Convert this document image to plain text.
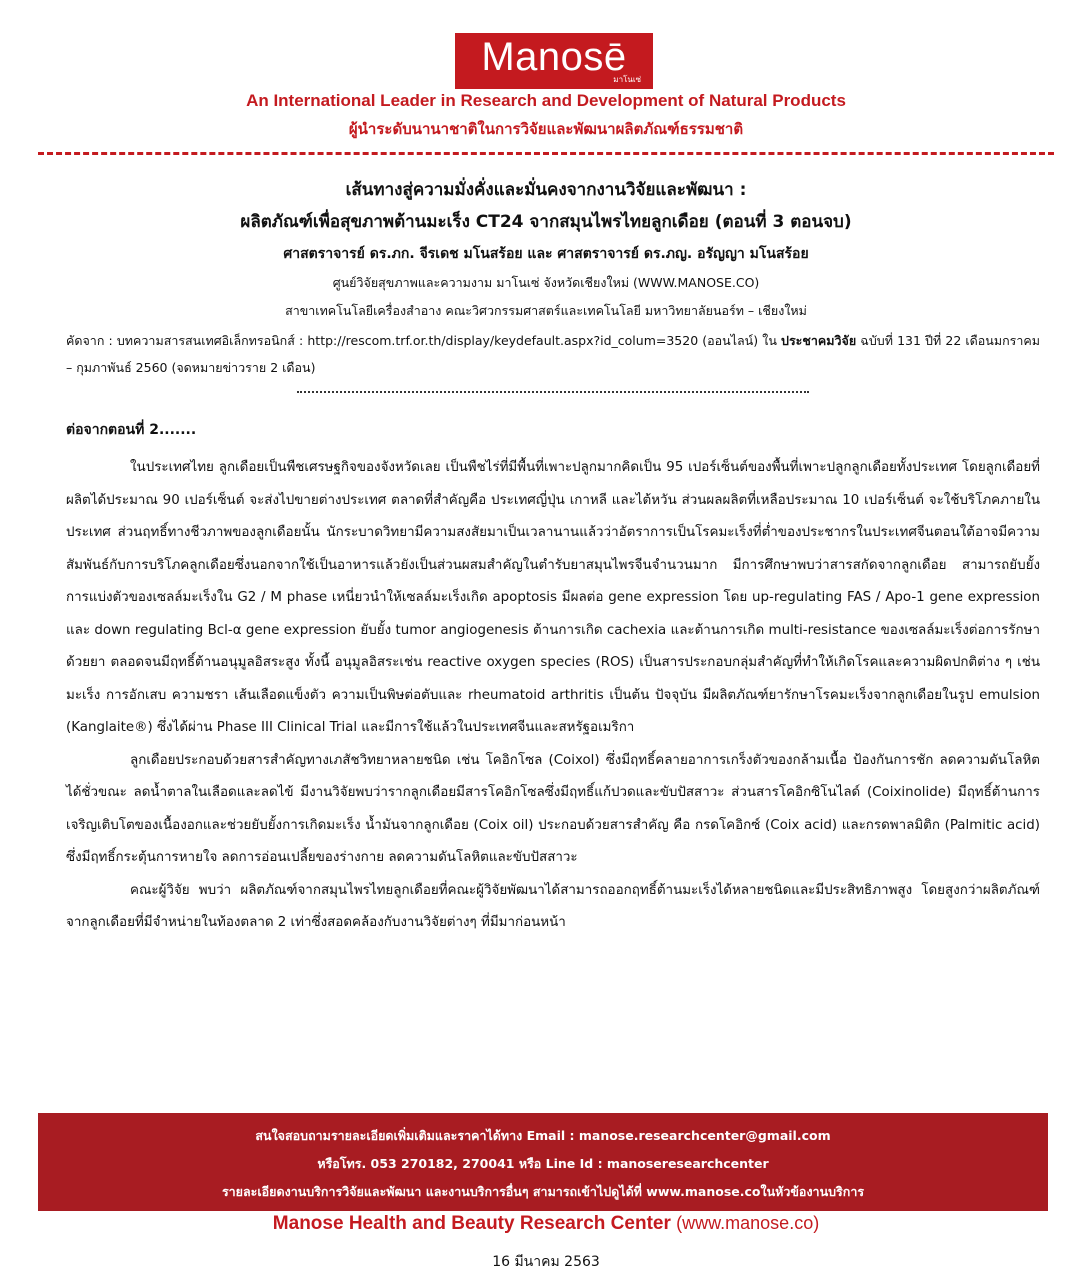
Manosē
มาโนเซ่
An International Leader in Research and Development of Natural Products
ผู้นำระดับนานาชาติในการวิจัยและพัฒนาผลิตภัณฑ์ธรรมชาติ
เส้นทางสู่ความมั่งคั่งและมั่นคงจากงานวิจัยและพัฒนา :
ผลิตภัณฑ์เพื่อสุขภาพต้านมะเร็ง CT24 จากสมุนไพรไทยลูกเดือย (ตอนที่ 3 ตอนจบ)
ศาสตราจารย์ ดร.ภก. จีรเดช มโนสร้อย และ ศาสตราจารย์ ดร.ภญ. อรัญญา มโนสร้อย
ศูนย์วิจัยสุขภาพและความงาม มาโนเซ่ จังหวัดเชียงใหม่ (WWW.MANOSE.CO)
สาขาเทคโนโลยีเครื่องสำอาง คณะวิศวกรรมศาสตร์และเทคโนโลยี มหาวิทยาลัยนอร์ท – เชียงใหม่
คัดจาก : บทความสารสนเทศอิเล็กทรอนิกส์ : http://rescom.trf.or.th/display/keydefault.aspx?id_colum=3520 (ออนไลน์) ใน ประชาคมวิจัย ฉบับที่ 131 ปีที่ 22 เดือนมกราคม – กุมภาพันธ์ 2560 (จดหมายข่าวราย 2 เดือน)
ต่อจากตอนที่ 2.......

ในประเทศไทย ลูกเดือยเป็นพืชเศรษฐกิจของจังหวัดเลย เป็นพืชไร่ที่มีพื้นที่เพาะปลูกมากคิดเป็น 95 เปอร์เซ็นต์ของพื้นที่เพาะปลูกลูกเดือยทั้งประเทศ โดยลูกเดือยที่ผลิตได้ประมาณ 90 เปอร์เซ็นต์ จะส่งไปขายต่างประเทศ ตลาดที่สำคัญคือ ประเทศญี่ปุ่น เกาหลี และไต้หวัน ส่วนผลผลิตที่เหลือประมาณ 10 เปอร์เซ็นต์ จะใช้บริโภคภายในประเทศ ส่วนฤทธิ์ทางชีวภาพของลูกเดือยนั้น นักระบาดวิทยามีความสงสัยมาเป็นเวลานานแล้วว่าอัตราการเป็นโรคมะเร็งที่ต่ำของประชากรในประเทศจีนตอนใต้อาจมีความสัมพันธ์กับการบริโภคลูกเดือยซึ่งนอกจากใช้เป็นอาหารแล้วยังเป็นส่วนผสมสำคัญในตำรับยาสมุนไพรจีนจำนวนมาก มีการศึกษาพบว่าสารสกัดจากลูกเดือย สามารถยับยั้งการแบ่งตัวของเซลล์มะเร็งใน G2 / M phase เหนี่ยวนำให้เซลล์มะเร็งเกิด apoptosis มีผลต่อ gene expression โดย up-regulating FAS / Apo-1 gene expression และ down regulating Bcl-α gene expression ยับยั้ง tumor angiogenesis ต้านการเกิด cachexia และต้านการเกิด multi-resistance ของเซลล์มะเร็งต่อการรักษาด้วยยา ตลอดจนมีฤทธิ์ต้านอนุมูลอิสระสูง ทั้งนี้ อนุมูลอิสระเช่น reactive oxygen species (ROS) เป็นสารประกอบกลุ่มสำคัญที่ทำให้เกิดโรคและความผิดปกติต่าง ๆ เช่น มะเร็ง การอักเสบ ความชรา เส้นเลือดแข็งตัว ความเป็นพิษต่อตับและ rheumatoid arthritis เป็นต้น ปัจจุบัน มีผลิตภัณฑ์ยารักษาโรคมะเร็งจากลูกเดือยในรูป emulsion (Kanglaite®) ซึ่งได้ผ่าน Phase III Clinical Trial และมีการใช้แล้วในประเทศจีนและสหรัฐอเมริกา

ลูกเดือยประกอบด้วยสารสำคัญทางเภสัชวิทยาหลายชนิด เช่น โคอิกโซล (Coixol) ซึ่งมีฤทธิ์คลายอาการเกร็งตัวของกล้ามเนื้อ ป้องกันการชัก ลดความดันโลหิตได้ชั่วขณะ ลดน้ำตาลในเลือดและลดไข้ มีงานวิจัยพบว่ารากลูกเดือยมีสารโคอิกโซลซึ่งมีฤทธิ์แก้ปวดและขับปัสสาวะ ส่วนสารโคอิกซิโนไลด์ (Coixinolide) มีฤทธิ์ต้านการเจริญเติบโตของเนื้องอกและช่วยยับยั้งการเกิดมะเร็ง น้ำมันจากลูกเดือย (Coix oil) ประกอบด้วยสารสำคัญ คือ กรดโคอิกซ์ (Coix acid) และกรดพาลมิติก (Palmitic acid) ซึ่งมีฤทธิ์กระตุ้นการหายใจ ลดการอ่อนเปลี้ยของร่างกาย ลดความดันโลหิตและขับปัสสาวะ

คณะผู้วิจัย พบว่า ผลิตภัณฑ์จากสมุนไพรไทยลูกเดือยที่คณะผู้วิจัยพัฒนาได้สามารถออกฤทธิ์ต้านมะเร็งได้หลายชนิดและมีประสิทธิภาพสูง โดยสูงกว่าผลิตภัณฑ์จากลูกเดือยที่มีจำหน่ายในท้องตลาด 2 เท่าซึ่งสอดคล้องกับงานวิจัยต่างๆ ที่มีมาก่อนหน้า

สนใจสอบถามรายละเอียดเพิ่มเติมและราคาได้ทาง Email : manose.researchcenter@gmail.com
หรือโทร. 053 270182, 270041 หรือ Line Id : manoseresearchcenter
รายละเอียดงานบริการวิจัยและพัฒนา และงานบริการอื่นๆ สามารถเข้าไปดูได้ที่ www.manose.coในหัวข้องานบริการ
Manose Health and Beauty Research Center (www.manose.co)
16 มีนาคม 2563
